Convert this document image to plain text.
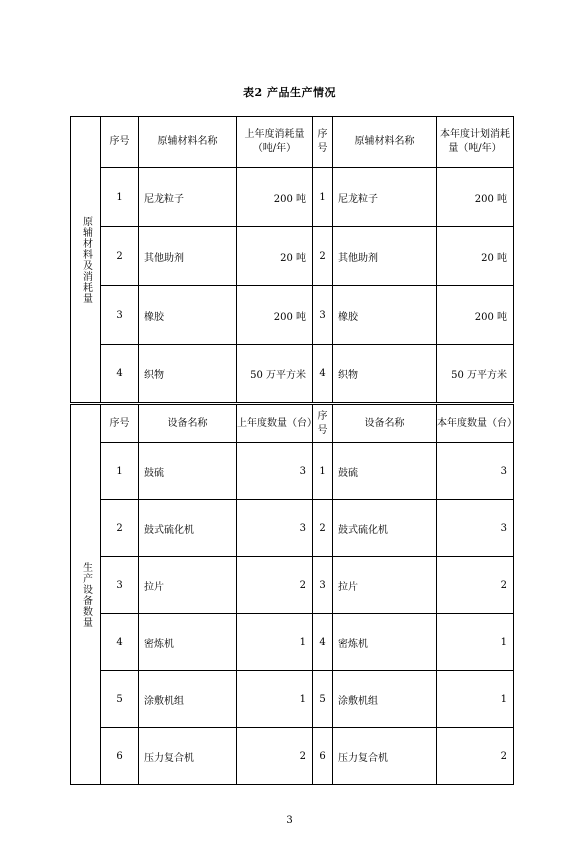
表2 产品生产情况
原辅材料及消耗量	序号	原辅材料名称	上年度消耗量（吨/年）	序号	原辅材料名称	本年度计划消耗量（吨/年）
	1	尼龙粒子	200 吨	1	尼龙粒子	200 吨
	2	其他助剂	20 吨	2	其他助剂	20 吨
	3	橡胶	200 吨	3	橡胶	200 吨
	4	织物	50 万平方米	4	织物	50 万平方米

生产设备数量	序号	设备名称	上年度数量（台）	序号	设备名称	本年度数量（台）
	1	鼓硫	3	1	鼓硫	3
	2	鼓式硫化机	3	2	鼓式硫化机	3
	3	拉片	2	3	拉片	2
	4	密炼机	1	4	密炼机	1
	5	涂敷机组	1	5	涂敷机组	1
	6	压力复合机	2	6	压力复合机	2
3
